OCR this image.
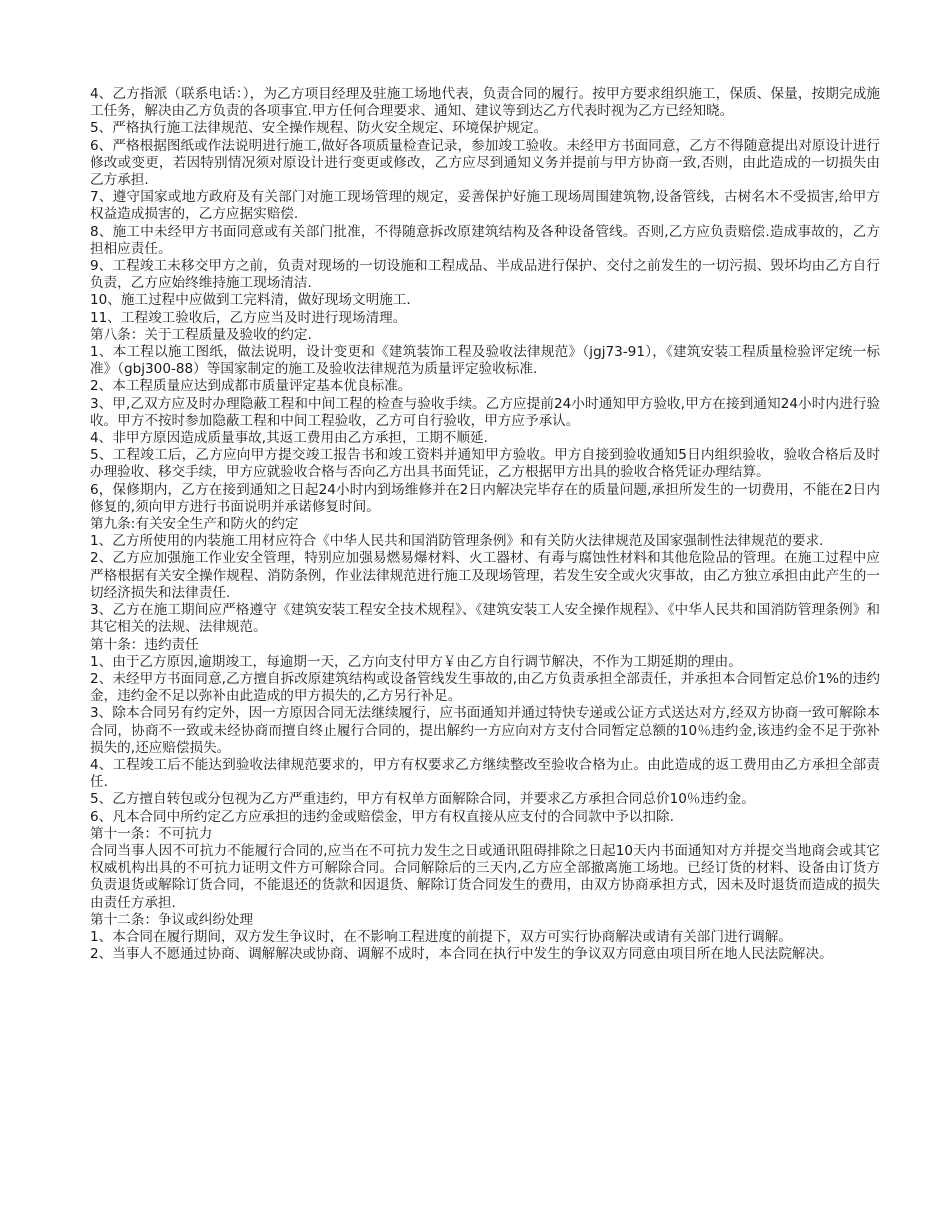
4、乙方指派（联系电话：），为乙方项目经理及驻施工场地代表，负责合同的履行。按甲方要求组织施工，保质、保量，按期完成施工任务，解决由乙方负责的各项事宜.甲方任何合理要求、通知、建议等到达乙方代表时视为乙方已经知晓。

5、严格执行施工法律规范、安全操作规程、防火安全规定、环境保护规定。

6、严格根据图纸或作法说明进行施工,做好各项质量检查记录，参加竣工验收。未经甲方书面同意，乙方不得随意提出对原设计进行修改或变更，若因特别情况须对原设计进行变更或修改，乙方应尽到通知义务并提前与甲方协商一致,否则，由此造成的一切损失由乙方承担.

7、遵守国家或地方政府及有关部门对施工现场管理的规定，妥善保护好施工现场周围建筑物,设备管线，古树名木不受损害,给甲方权益造成损害的，乙方应据实赔偿.

8、施工中未经甲方书面同意或有关部门批准，不得随意拆改原建筑结构及各种设备管线。否则,乙方应负责赔偿.造成事故的，乙方担相应责任。

9、工程竣工未移交甲方之前，负责对现场的一切设施和工程成品、半成品进行保护、交付之前发生的一切污损、毁坏均由乙方自行负责，乙方应始终维持施工现场清洁.

10、施工过程中应做到工完料清，做好现场文明施工.

11、工程竣工验收后，乙方应当及时进行现场清理。

第八条：关于工程质量及验收的约定.

1、本工程以施工图纸，做法说明，设计变更和《建筑装饰工程及验收法律规范》（jgj73-91），《建筑安装工程质量检验评定统一标准》（gbj300-88）等国家制定的施工及验收法律规范为质量评定验收标准.

2、本工程质量应达到成都市质量评定基本优良标准。

3、甲,乙双方应及时办理隐蔽工程和中间工程的检查与验收手续。乙方应提前24小时通知甲方验收,甲方在接到通知24小时内进行验收。甲方不按时参加隐蔽工程和中间工程验收，乙方可自行验收，甲方应予承认。

4、非甲方原因造成质量事故,其返工费用由乙方承担，工期不顺延.

5、工程竣工后，乙方应向甲方提交竣工报告书和竣工资料并通知甲方验收。甲方自接到验收通知5日内组织验收，验收合格后及时办理验收、移交手续，甲方应就验收合格与否向乙方出具书面凭证，乙方根据甲方出具的验收合格凭证办理结算。

6，保修期内，乙方在接到通知之日起24小时内到场维修并在2日内解决完毕存在的质量问题,承担所发生的一切费用，不能在2日内修复的,须向甲方进行书面说明并承诺修复时间。

第九条:有关安全生产和防火的约定

1、乙方所使用的内装施工用材应符合《中华人民共和国消防管理条例》和有关防火法律规范及国家强制性法律规范的要求.

2、乙方应加强施工作业安全管理，特别应加强易燃易爆材料、火工器材、有毒与腐蚀性材料和其他危险品的管理。在施工过程中应严格根据有关安全操作规程、消防条例，作业法律规范进行施工及现场管理，若发生安全或火灾事故，由乙方独立承担由此产生的一切经济损失和法律责任.

3、乙方在施工期间应严格遵守《建筑安装工程安全技术规程》、《建筑安装工人安全操作规程》、《中华人民共和国消防管理条例》和其它相关的法规、法律规范。

第十条：违约责任

1、由于乙方原因,逾期竣工，每逾期一天，乙方向支付甲方￥由乙方自行调节解决，不作为工期延期的理由。

2、未经甲方书面同意,乙方擅自拆改原建筑结构或设备管线发生事故的,由乙方负责承担全部责任，并承担本合同暂定总价1%的违约金，违约金不足以弥补由此造成的甲方损失的,乙方另行补足。

3、除本合同另有约定外，因一方原因合同无法继续履行，应书面通知并通过特快专递或公证方式送达对方,经双方协商一致可解除本合同，协商不一致或未经协商而擅自终止履行合同的，提出解约一方应向对方支付合同暂定总额的10％违约金,该违约金不足于弥补损失的,还应赔偿损失。

4、工程竣工后不能达到验收法律规范要求的，甲方有权要求乙方继续整改至验收合格为止。由此造成的返工费用由乙方承担全部责任.

5、乙方擅自转包或分包视为乙方严重违约，甲方有权单方面解除合同，并要求乙方承担合同总价10％违约金。

6、凡本合同中所约定乙方应承担的违约金或赔偿金，甲方有权直接从应支付的合同款中予以扣除.

第十一条：不可抗力

合同当事人因不可抗力不能履行合同的,应当在不可抗力发生之日或通讯阻碍排除之日起10天内书面通知对方并提交当地商会或其它权威机构出具的不可抗力证明文件方可解除合同。合同解除后的三天内,乙方应全部撤离施工场地。已经订货的材料、设备由订货方负责退货或解除订货合同，不能退还的货款和因退货、解除订货合同发生的费用，由双方协商承担方式，因未及时退货而造成的损失由责任方承担.

第十二条：争议或纠纷处理

1、本合同在履行期间，双方发生争议时，在不影响工程进度的前提下，双方可实行协商解决或请有关部门进行调解。

2、当事人不愿通过协商、调解解决或协商、调解不成时，本合同在执行中发生的争议双方同意由项目所在地人民法院解决。
